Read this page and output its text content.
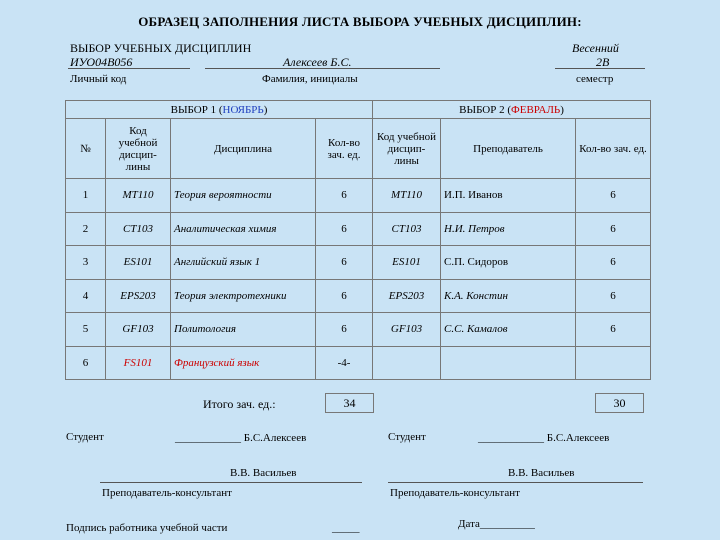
ОБРАЗЕЦ ЗАПОЛНЕНИЯ ЛИСТА ВЫБОРА УЧЕБНЫХ ДИСЦИПЛИН:
ВЫБОР УЧЕБНЫХ ДИСЦИПЛИН
ИУО04В056	Алексеев Б.С.
Весенний
2В
Личный код	Фамилия, инициалы	семестр
ВЫБОР 1 (НОЯБРЬ)				ВЫБОР 2 (ФЕВРАЛЬ)		
№	Код учебной дисцип-лины	Дисциплина	Кол-во зач. ед.	Код учебной дисцип-лины	Преподаватель	Кол-во зач. ед.
1	MT110	Теория вероятности	6	MT110	И.П. Иванов	6
2	CT103	Аналитическая химия	6	CT103	Н.И. Петров	6
3	ES101	Английский язык 1	6	ES101	С.П. Сидоров	6
4	EPS203	Теория электротехники	6	EPS203	К.А. Констин	6
5	GF103	Политология	6	GF103	С.С. Камалов	6
6	FS101	Французский язык	-4-			
Итого зач. ед.:	34	30
Студент	____________ Б.С.Алексеев	Студент	____________ Б.С.Алексеев
В.В. Васильев
Преподаватель-консультант
В.В. Васильев
Преподаватель-консультант
Подпись работника учебной части	_____	Дата__________
